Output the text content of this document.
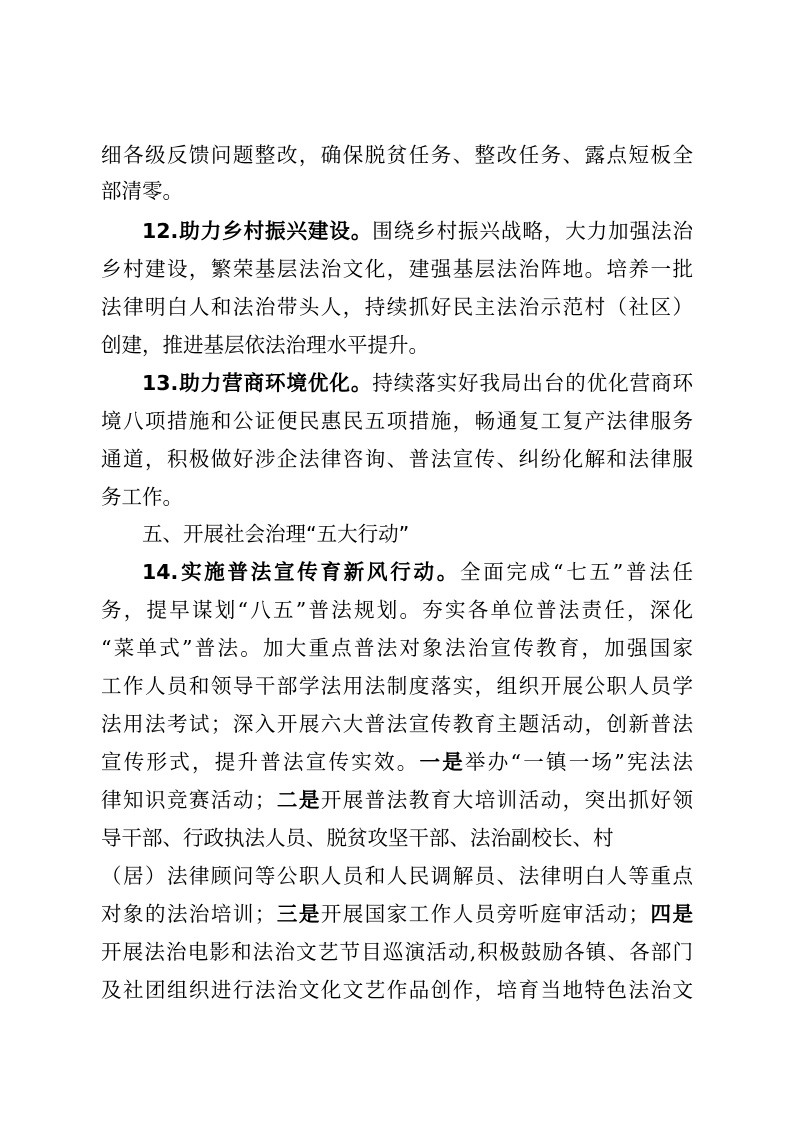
细各级反馈问题整改，确保脱贫任务、整改任务、露点短板全
部清零。
12.助力乡村振兴建设。围绕乡村振兴战略，大力加强法治
乡村建设，繁荣基层法治文化，建强基层法治阵地。培养一批
法律明白人和法治带头人，持续抓好民主法治示范村（社区）
创建，推进基层依法治理水平提升。
13.助力营商环境优化。持续落实好我局出台的优化营商环
境八项措施和公证便民惠民五项措施，畅通复工复产法律服务
通道，积极做好涉企法律咨询、普法宣传、纠纷化解和法律服
务工作。
五、开展社会治理“五大行动”
14.实施普法宣传育新风行动。全面完成“七五”普法任
务，提早谋划“八五”普法规划。夯实各单位普法责任，深化
“菜单式”普法。加大重点普法对象法治宣传教育，加强国家
工作人员和领导干部学法用法制度落实，组织开展公职人员学
法用法考试；深入开展六大普法宣传教育主题活动，创新普法
宣传形式，提升普法宣传实效。一是举办“一镇一场”宪法法
律知识竞赛活动；二是开展普法教育大培训活动，突出抓好领
导干部、行政执法人员、脱贫攻坚干部、法治副校长、村
（居）法律顾问等公职人员和人民调解员、法律明白人等重点
对象的法治培训；三是开展国家工作人员旁听庭审活动；四是
开展法治电影和法治文艺节目巡演活动,积极鼓励各镇、各部门
及社团组织进行法治文化文艺作品创作，培育当地特色法治文
